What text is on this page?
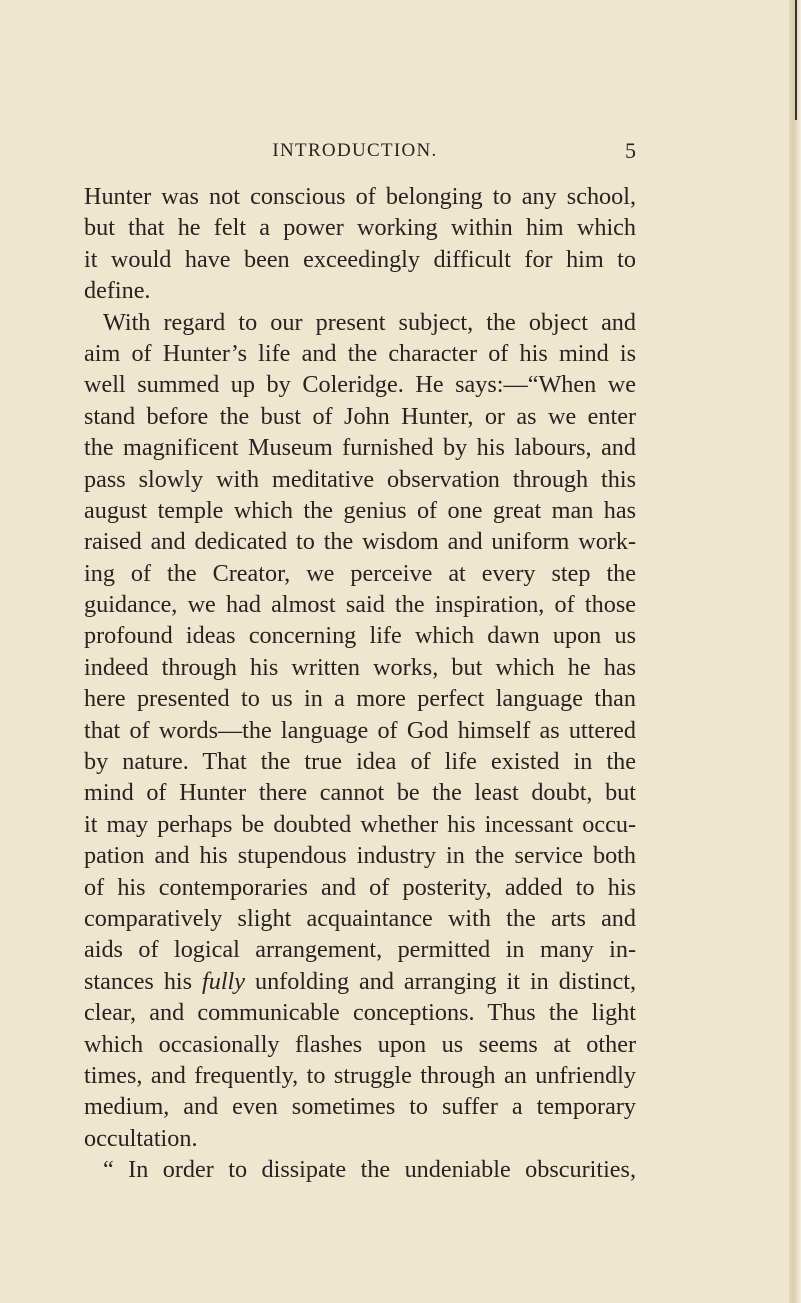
INTRODUCTION.	5
Hunter was not conscious of belonging to any school,
but that he felt a power working within him which
it would have been exceedingly difficult for him to
define.
With regard to our present subject, the object and
aim of Hunter’s life and the character of his mind is
well summed up by Coleridge. He says:—“When we
stand before the bust of John Hunter, or as we enter
the magnificent Museum furnished by his labours, and
pass slowly with meditative observation through this
august temple which the genius of one great man has
raised and dedicated to the wisdom and uniform work-
ing of the Creator, we perceive at every step the
guidance, we had almost said the inspiration, of those
profound ideas concerning life which dawn upon us
indeed through his written works, but which he has
here presented to us in a more perfect language than
that of words—the language of God himself as uttered
by nature. That the true idea of life existed in the
mind of Hunter there cannot be the least doubt, but
it may perhaps be doubted whether his incessant occu-
pation and his stupendous industry in the service both
of his contemporaries and of posterity, added to his
comparatively slight acquaintance with the arts and
aids of logical arrangement, permitted in many in-
stances his fully unfolding and arranging it in distinct,
clear, and communicable conceptions. Thus the light
which occasionally flashes upon us seems at other
times, and frequently, to struggle through an unfriendly
medium, and even sometimes to suffer a temporary
occultation.
“ In order to dissipate the undeniable obscurities,
